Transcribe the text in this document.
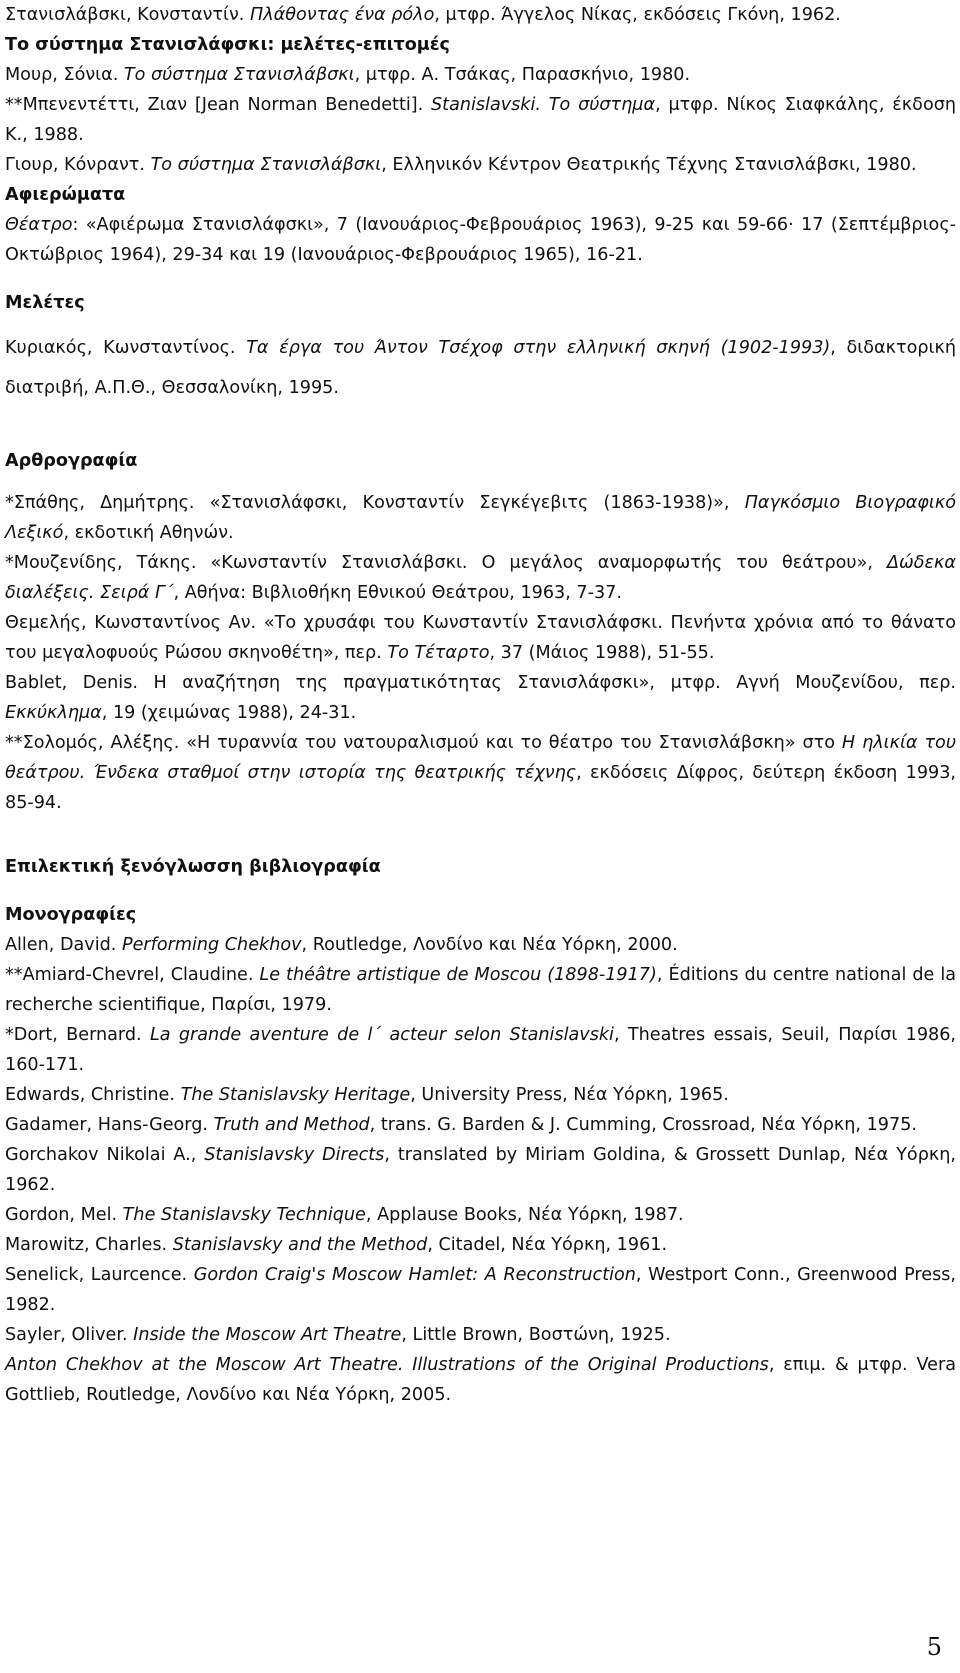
Στανισλάβσκι, Κονσταντίν. Πλάθοντας ένα ρόλο, μτφρ. Άγγελος Νίκας, εκδόσεις Γκόνη, 1962.

Το σύστημα Στανισλάφσκι: μελέτες-επιτομές

Μουρ, Σόνια. Το σύστημα Στανισλάβσκι, μτφρ. Α. Τσάκας, Παρασκήνιο, 1980.

**Μπενεντέττι, Ζιαν [Jean Norman Benedetti]. Stanislavski. Το σύστημα, μτφρ. Νίκος Σιαφκάλης, έκδοση Κ., 1988.

Γιουρ, Κόνραντ. Το σύστημα Στανισλάβσκι, Ελληνικόν Κέντρον Θεατρικής Τέχνης Στανισλάβσκι, 1980.

Αφιερώματα

Θέατρο: «Αφιέρωμα Στανισλάφσκι», 7 (Ιανουάριος-Φεβρουάριος 1963), 9-25 και 59-66· 17 (Σεπτέμβριος-Οκτώβριος 1964), 29-34 και 19 (Ιανουάριος-Φεβρουάριος 1965), 16-21.

Μελέτες

Κυριακός, Κωνσταντίνος. Τα έργα του Άντον Τσέχοφ στην ελληνική σκηνή (1902-1993), διδακτορική διατριβή, Α.Π.Θ., Θεσσαλονίκη, 1995.

Αρθρογραφία

*Σπάθης, Δημήτρης. «Στανισλάφσκι, Κονσταντίν Σεγκέγεβιτς (1863-1938)», Παγκόσμιο Βιογραφικό Λεξικό, εκδοτική Αθηνών.

*Μουζενίδης, Τάκης. «Κωνσταντίν Στανισλάβσκι. Ο μεγάλος αναμορφωτής του θεάτρου», Δώδεκα διαλέξεις. Σειρά Γ΄, Αθήνα: Βιβλιοθήκη Εθνικού Θεάτρου, 1963, 7-37.

Θεμελής, Κωνσταντίνος Αν. «Το χρυσάφι του Κωνσταντίν Στανισλάφσκι. Πενήντα χρόνια από το θάνατο του μεγαλοφυούς Ρώσου σκηνοθέτη», περ. Το Τέταρτο, 37 (Μάιος 1988), 51-55.

Bablet, Denis. Η αναζήτηση της πραγματικότητας Στανισλάφσκι», μτφρ. Αγνή Μουζενίδου, περ. Εκκύκλημα, 19 (χειμώνας 1988), 24-31.

**Σολομός, Αλέξης. «Η τυραννία του νατουραλισμού και το θέατρο του Στανισλάβσκη» στο Η ηλικία του θεάτρου. Ένδεκα σταθμοί στην ιστορία της θεατρικής τέχνης, εκδόσεις Δίφρος, δεύτερη έκδοση 1993, 85-94.

Επιλεκτική ξενόγλωσση βιβλιογραφία

Μονογραφίες

Allen, David. Performing Chekhov, Routledge, Λονδίνο και Νέα Υόρκη, 2000.

**Amiard-Chevrel, Claudine. Le théâtre artistique de Moscou (1898-1917), Éditions du centre national de la recherche scientifique, Παρίσι, 1979.

*Dort, Bernard. La grande aventure de l΄ acteur selon Stanislavski, Theatres essais, Seuil, Παρίσι 1986, 160-171.

Edwards, Christine. The Stanislavsky Heritage, University Press, Νέα Υόρκη, 1965.

Gadamer, Hans-Georg. Truth and Method, trans. G. Barden & J. Cumming, Crossroad, Νέα Υόρκη, 1975.

Gorchakov Nikolai A., Stanislavsky Directs, translated by Miriam Goldina, & Grossett Dunlap, Νέα Υόρκη, 1962.

Gordon, Mel. The Stanislavsky Technique, Applause Books, Νέα Υόρκη, 1987.

Marowitz, Charles. Stanislavsky and the Method, Citadel, Νέα Υόρκη, 1961.

Senelick, Laurcence. Gordon Craig's Moscow Hamlet: A Reconstruction, Westport Conn., Greenwood Press, 1982.

Sayler, Oliver. Inside the Moscow Art Theatre, Little Brown, Βοστώνη, 1925.

Anton Chekhov at the Moscow Art Theatre. Illustrations of the Original Productions, επιμ. & μτφρ. Vera Gottlieb, Routledge, Λονδίνο και Νέα Υόρκη, 2005.

5
